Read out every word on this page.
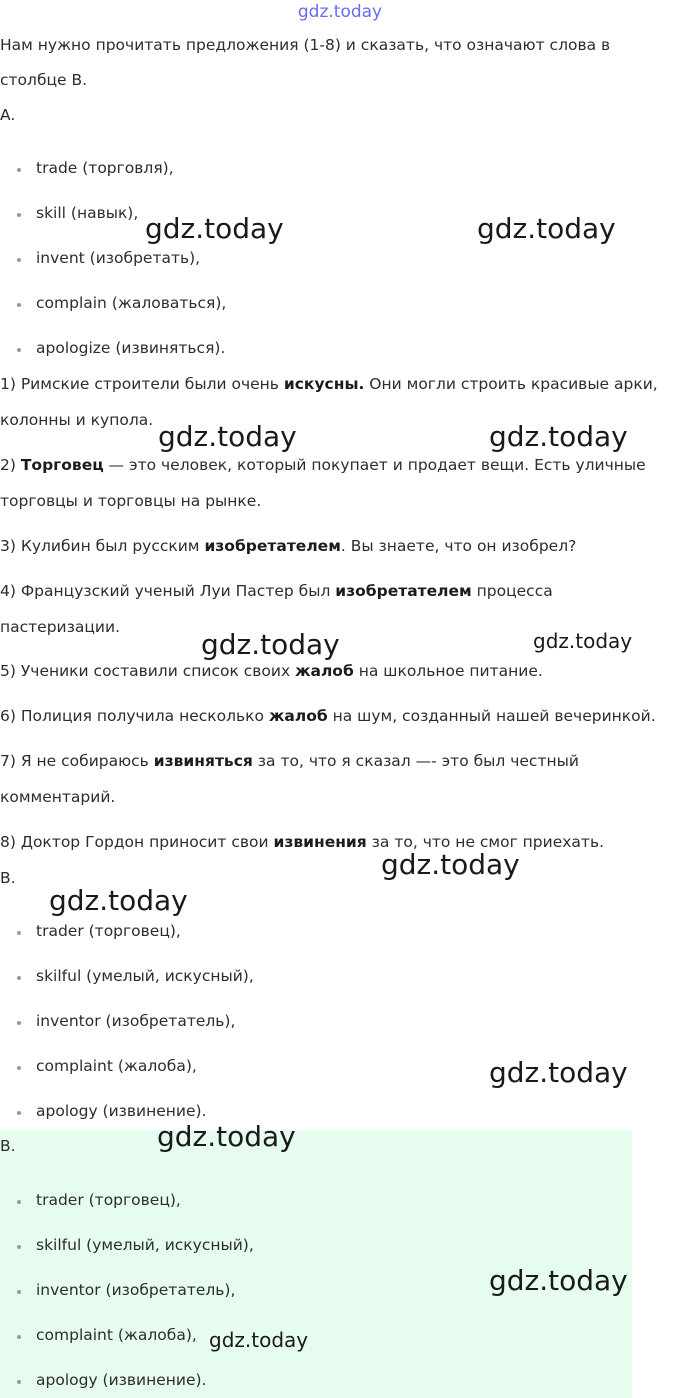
gdz.today
Нам нужно прочитать предложения (1-8) и сказать, что означают слова в
столбце B.
A.
trade (торговля),
skill (навык),
invent (изобретать),
complain (жаловаться),
apologize (извиняться).
1) Римские строители были очень искусны. Они могли строить красивые арки,
колонны и купола.
2) Торговец — это человек, который покупает и продает вещи. Есть уличные
торговцы и торговцы на рынке.
3) Кулибин был русским изобретателем. Вы знаете, что он изобрел?
4) Французский ученый Луи Пастер был изобретателем процесса
пастеризации.
5) Ученики составили список своих жалоб на школьное питание.
6) Полиция получила несколько жалоб на шум, созданный нашей вечеринкой.
7) Я не собираюсь извиняться за то, что я сказал —- это был честный
комментарий.
8) Доктор Гордон приносит свои извинения за то, что не смог приехать.
B.
trader (торговец),
skilful (умелый, искусный),
inventor (изобретатель),
complaint (жалоба),
apology (извинение).
B.
trader (торговец),
skilful (умелый, искусный),
inventor (изобретатель),
complaint (жалоба),
apology (извинение).
gdz.today	gdz.today
gdz.today	gdz.today
gdz.today	gdz.today
gdz.today
gdz.today
gdz.today
gdz.today
gdz.today
gdz.today
